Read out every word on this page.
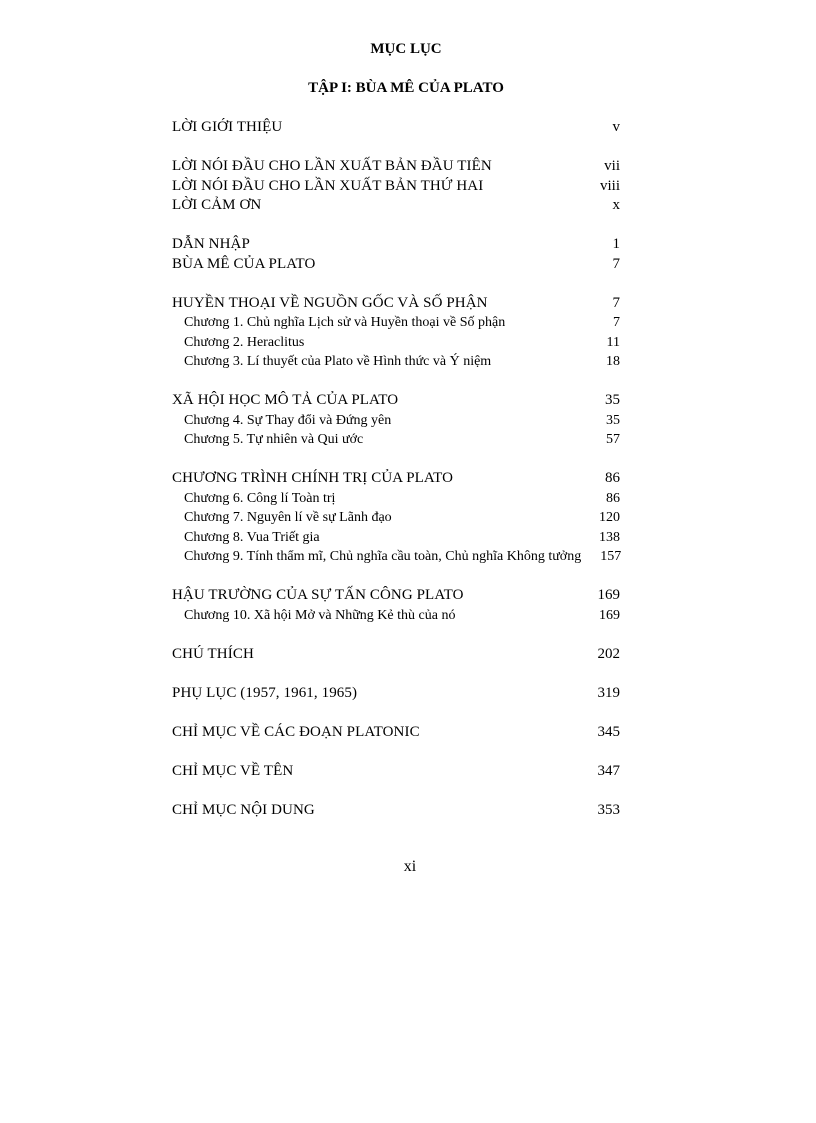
MỤC LỤC
TẬP I: BÙA MÊ CỦA PLATO
LỜI GIỚI THIỆU	v
LỜI NÓI ĐẦU CHO LẦN XUẤT BẢN ĐẦU TIÊN	vii
LỜI NÓI ĐẦU CHO LẦN XUẤT BẢN THỨ HAI	viii
LỜI CẢM ƠN	x
DẪN NHẬP	1
BÙA MÊ CỦA PLATO	7
HUYỀN THOẠI VỀ NGUỒN GỐC VÀ SỐ PHẬN	7
Chương 1. Chủ nghĩa Lịch sử và Huyền thoại về Số phận	7
Chương 2. Heraclitus	11
Chương 3. Lí thuyết của Plato về Hình thức và Ý niệm	18
XÃ HỘI HỌC MÔ TẢ CỦA PLATO	35
Chương 4. Sự Thay đổi và Đứng yên	35
Chương 5. Tự nhiên và Qui ước	57
CHƯƠNG TRÌNH CHÍNH TRỊ CỦA PLATO	86
Chương 6. Công lí Toàn trị	86
Chương 7. Nguyên lí về sự Lãnh đạo	120
Chương 8. Vua Triết gia	138
Chương 9. Tính thẩm mĩ, Chủ nghĩa cầu toàn, Chủ nghĩa Không tưởng	157
HẬU TRƯỜNG CỦA SỰ TẤN CÔNG PLATO	169
Chương 10. Xã hội Mở và Những Kẻ thù của nó	169
CHÚ THÍCH	202
PHỤ LỤC (1957, 1961, 1965)	319
CHỈ MỤC VỀ CÁC ĐOẠN PLATONIC	345
CHỈ MỤC VỀ TÊN	347
CHỈ MỤC NỘI DUNG	353
xi
